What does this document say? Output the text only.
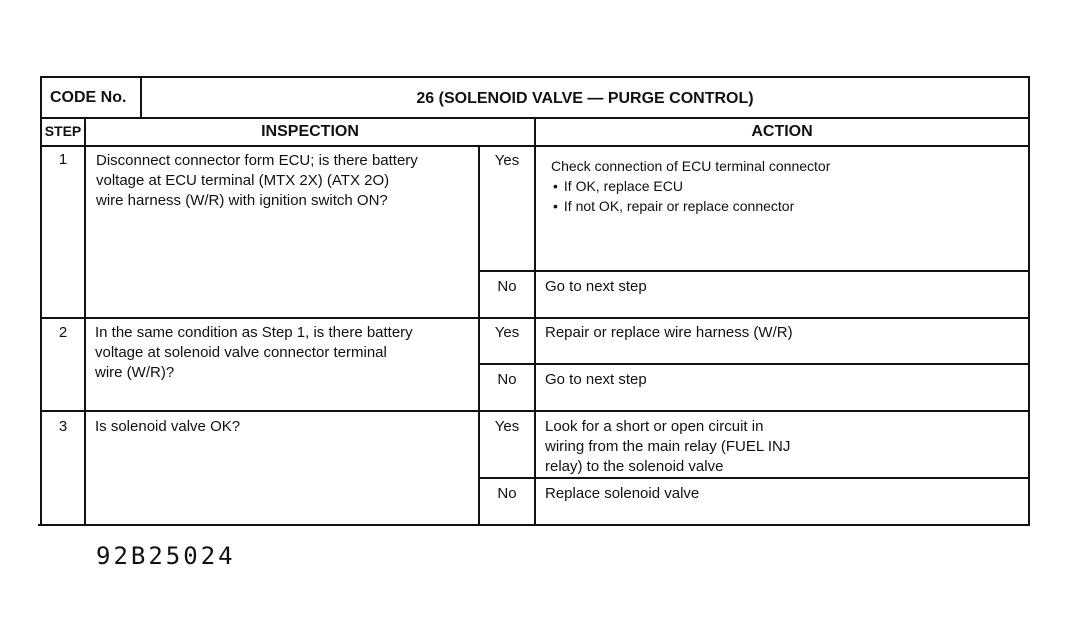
CODE No.	26 (SOLENOID VALVE — PURGE CONTROL)
STEP	INSPECTION	ACTION
1	Disconnect connector form ECU; is there battery
voltage at ECU terminal (MTX 2X) (ATX 2O)
wire harness (W/R) with ignition switch ON?
Yes	Check connection of ECU terminal connector
• If OK, replace ECU
• If not OK, repair or replace connector
No	Go to next step
2	In the same condition as Step 1, is there battery
voltage at solenoid valve connector terminal
wire (W/R)?
Yes	Repair or replace wire harness (W/R)
No	Go to next step
3	Is solenoid valve OK?	Yes	Look for a short or open circuit in
wiring from the main relay (FUEL INJ
relay) to the solenoid valve
No	Replace solenoid valve
92B25024
